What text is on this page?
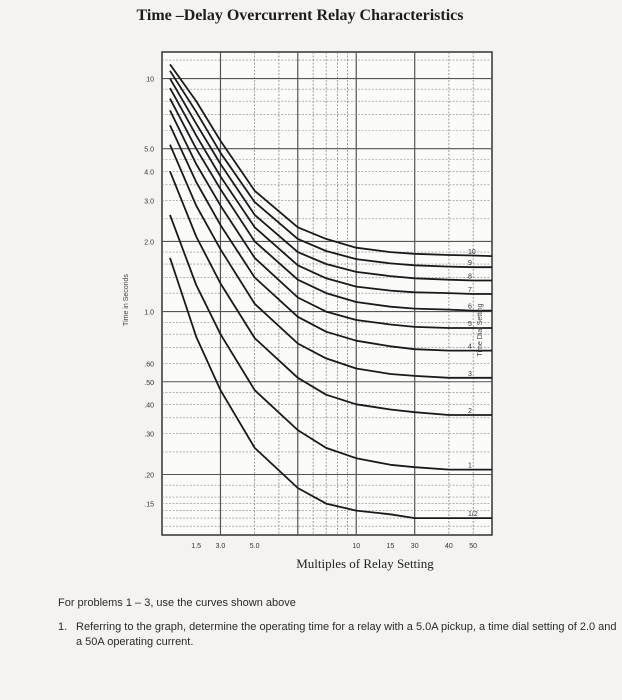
Time –Delay Overcurrent Relay Characteristics
10
9
8
7
6
5
4
3
2
1
1/2
10
5.0
4.0
3.0
2.0
1.0
.60
.50
.40
.30
.20
.15
1.5 3.0	5.0	10	15 30	40 50
Time in Seconds
Time Dial Setting
Multiples of Relay Setting
For problems 1 – 3, use the curves shown above
1. Referring to the graph, determine the operating time for a relay with a 5.0A pickup, a time dial setting of 2.0 and a 50A operating current.
